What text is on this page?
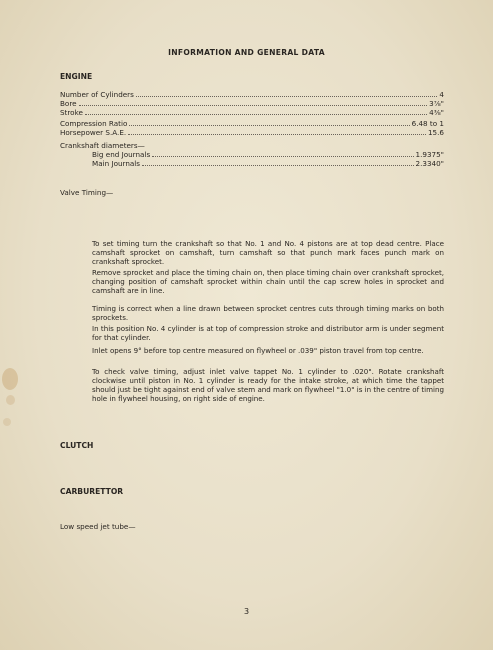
INFORMATION AND GENERAL DATA
ENGINE
Number of Cylinders	4
Bore	3⅞"
Stroke	4⅜"
Compression Ratio	6.48 to 1
Horsepower S.A.E.	15.6
Crankshaft diameters—
Big end Journals	1.9375"
Main Journals	2.3340"
Valve Timing—
To set timing turn the crankshaft so that No. 1 and No. 4 pistons are at top dead centre. Place camshaft sprocket on camshaft, turn camshaft so that punch mark faces punch mark on crankshaft sprocket.
Remove sprocket and place the timing chain on, then place timing chain over crankshaft sprocket, changing position of camshaft sprocket within chain until the cap screw holes in sprocket and camshaft are in line.
Timing is correct when a line drawn between sprocket centres cuts through timing marks on both sprockets.
In this position No. 4 cylinder is at top of compression stroke and distributor arm is under segment for that cylinder.
Inlet opens 9° before top centre measured on flywheel or .039" piston travel from top centre.
To check valve timing, adjust inlet valve tappet No. 1 cylinder to .020". Rotate crankshaft clockwise until piston in No. 1 cylinder is ready for the intake stroke, at which time the tappet should just be tight against end of valve stem and mark on flywheel "1.0" is in the centre of timing hole in flywheel housing, on right side of engine.
CLUTCH
CARBURETTOR
Low speed jet tube—
3
